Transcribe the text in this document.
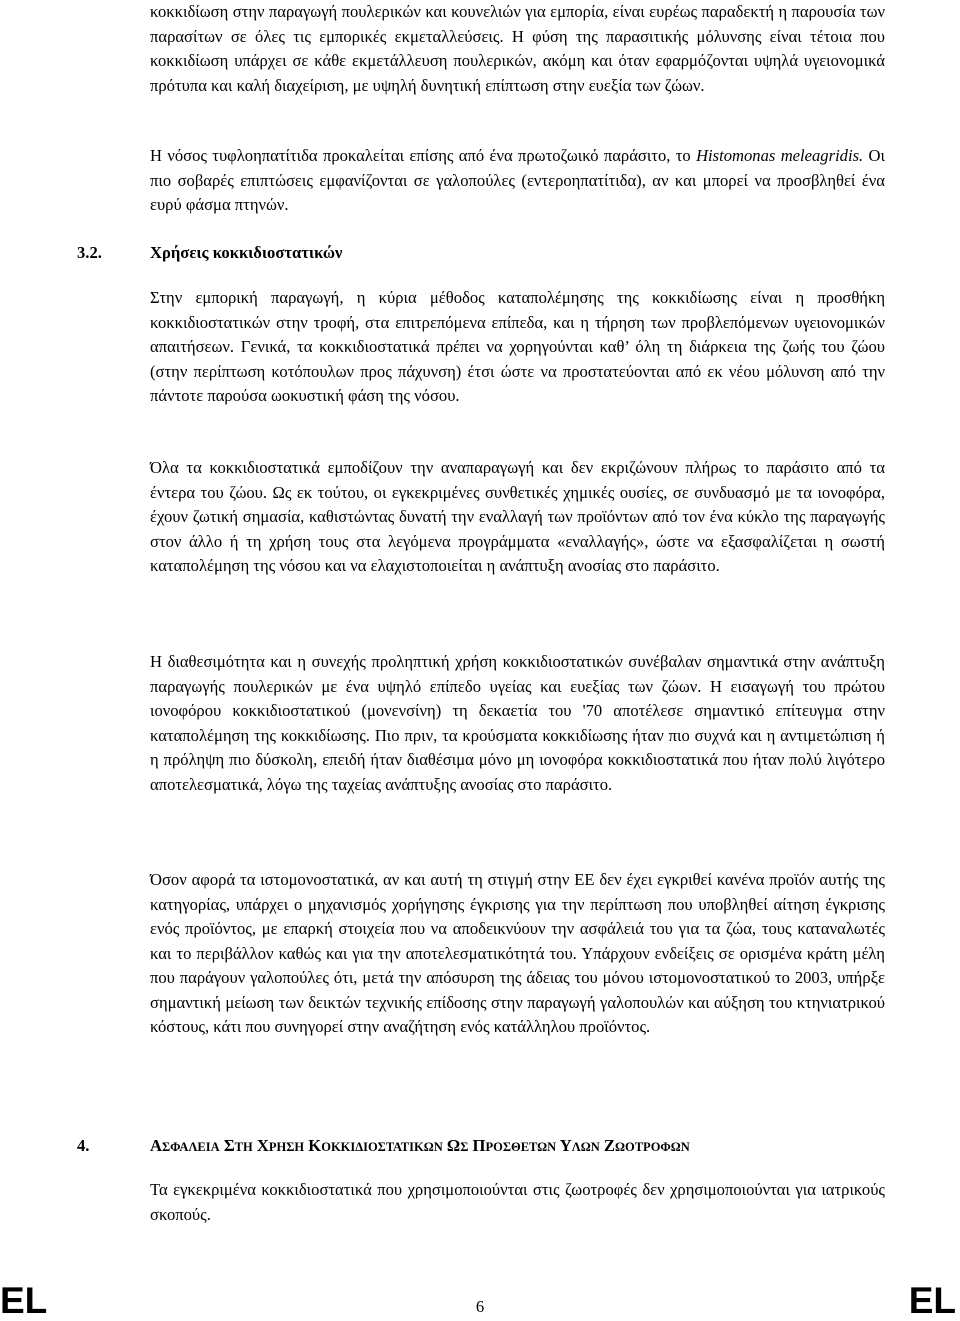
κοκκιδίωση στην παραγωγή πουλερικών και κουνελιών για εμπορία, είναι ευρέως παραδεκτή η παρουσία των παρασίτων σε όλες τις εμπορικές εκμεταλλεύσεις. Η φύση της παρασιτικής μόλυνσης είναι τέτοια που κοκκιδίωση υπάρχει σε κάθε εκμετάλλευση πουλερικών, ακόμη και όταν εφαρμόζονται υψηλά υγειονομικά πρότυπα και καλή διαχείριση, με υψηλή δυνητική επίπτωση στην ευεξία των ζώων.

Η νόσος τυφλοηπατίτιδα προκαλείται επίσης από ένα πρωτοζωικό παράσιτο, το Histomonas meleagridis. Οι πιο σοβαρές επιπτώσεις εμφανίζονται σε γαλοπούλες (εντεροηπατίτιδα), αν και μπορεί να προσβληθεί ένα ευρύ φάσμα πτηνών.

3.2.	Χρήσεις κοκκιδιοστατικών

Στην εμπορική παραγωγή, η κύρια μέθοδος καταπολέμησης της κοκκιδίωσης είναι η προσθήκη κοκκιδιοστατικών στην τροφή, στα επιτρεπόμενα επίπεδα, και η τήρηση των προβλεπόμενων υγειονομικών απαιτήσεων. Γενικά, τα κοκκιδιοστατικά πρέπει να χορηγούνται καθ’ όλη τη διάρκεια της ζωής του ζώου (στην περίπτωση κοτόπουλων προς πάχυνση) έτσι ώστε να προστατεύονται από εκ νέου μόλυνση από την πάντοτε παρούσα ωοκυστική φάση της νόσου.

Όλα τα κοκκιδιοστατικά εμποδίζουν την αναπαραγωγή και δεν εκριζώνουν πλήρως το παράσιτο από τα έντερα του ζώου. Ως εκ τούτου, οι εγκεκριμένες συνθετικές χημικές ουσίες, σε συνδυασμό με τα ιονοφόρα, έχουν ζωτική σημασία, καθιστώντας δυνατή την εναλλαγή των προϊόντων από τον ένα κύκλο της παραγωγής στον άλλο ή τη χρήση τους στα λεγόμενα προγράμματα «εναλλαγής», ώστε να εξασφαλίζεται η σωστή καταπολέμηση της νόσου και να ελαχιστοποιείται η ανάπτυξη ανοσίας στο παράσιτο.

Η διαθεσιμότητα και η συνεχής προληπτική χρήση κοκκιδιοστατικών συνέβαλαν σημαντικά στην ανάπτυξη παραγωγής πουλερικών με ένα υψηλό επίπεδο υγείας και ευεξίας των ζώων. Η εισαγωγή του πρώτου ιονοφόρου κοκκιδιοστατικού (μονενσίνη) τη δεκαετία του '70 αποτέλεσε σημαντικό επίτευγμα στην καταπολέμηση της κοκκιδίωσης. Πιο πριν, τα κρούσματα κοκκιδίωσης ήταν πιο συχνά και η αντιμετώπιση ή η πρόληψη πιο δύσκολη, επειδή ήταν διαθέσιμα μόνο μη ιονοφόρα κοκκιδιοστατικά που ήταν πολύ λιγότερο αποτελεσματικά, λόγω της ταχείας ανάπτυξης ανοσίας στο παράσιτο.

Όσον αφορά τα ιστομονοστατικά, αν και αυτή τη στιγμή στην ΕΕ δεν έχει εγκριθεί κανένα προϊόν αυτής της κατηγορίας, υπάρχει ο μηχανισμός χορήγησης έγκρισης για την περίπτωση που υποβληθεί αίτηση έγκρισης ενός προϊόντος, με επαρκή στοιχεία που να αποδεικνύουν την ασφάλειά του για τα ζώα, τους καταναλωτές και το περιβάλλον καθώς και για την αποτελεσματικότητά του. Υπάρχουν ενδείξεις σε ορισμένα κράτη μέλη που παράγουν γαλοπούλες ότι, μετά την απόσυρση της άδειας του μόνου ιστομονοστατικού το 2003, υπήρξε σημαντική μείωση των δεικτών τεχνικής επίδοσης στην παραγωγή γαλοπουλών και αύξηση του κτηνιατρικού κόστους, κάτι που συνηγορεί στην αναζήτηση ενός κατάλληλου προϊόντος.

4.	ΑΣΦΑΛΕΙΑ ΣΤΗ ΧΡΗΣΗ ΚΟΚΚΙΔΙΟΣΤΑΤΙΚΩΝ ΩΣ ΠΡΟΣΘΕΤΩΝ ΥΛΩΝ ΖΩΟΤΡΟΦΩΝ

Τα εγκεκριμένα κοκκιδιοστατικά που χρησιμοποιούνται στις ζωοτροφές δεν χρησιμοποιούνται για ιατρικούς σκοπούς.

EL	6	EL
